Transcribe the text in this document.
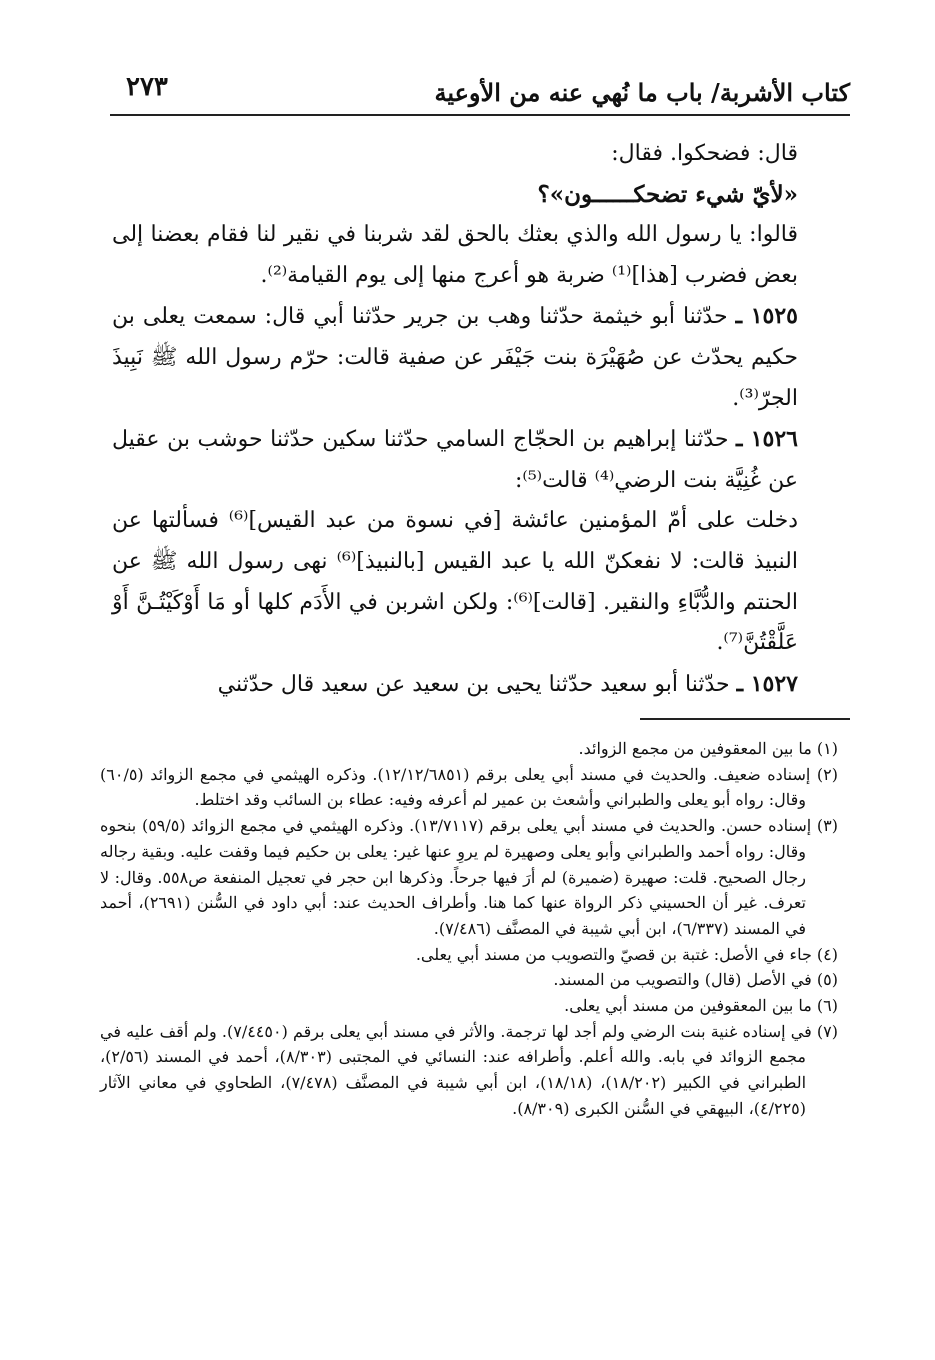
كتاب الأشربة/ باب ما نُهي عنه من الأوعية
٢٧٣

قال: فضحكوا. فقال:

«لأيّ شيء تضحكــــــون»؟

قالوا: يا رسول الله والذي بعثك بالحق لقد شربنا في نقير لنا فقام بعضنا إلى بعض فضرب [هذا]⁽¹⁾ ضربة هو أعرج منها إلى يوم القيامة⁽²⁾.

١٥٢٥ ـ حدّثنا أبو خيثمة حدّثنا وهب بن جرير حدّثنا أبي قال: سمعت يعلى بن حكيم يحدّث عن صُهَيْرَة بنت جَيْفَر عن صفية قالت: حرّم رسول الله ﷺ نَبِيذَ الجرّ⁽³⁾.

١٥٢٦ ـ حدّثنا إبراهيم بن الحجّاج السامي حدّثنا سكين حدّثنا حوشب بن عقيل عن غُنِيَّة بنت الرضي⁽⁴⁾ قالت⁽⁵⁾:

دخلت على أمّ المؤمنين عائشة [في نسوة من عبد القيس]⁽⁶⁾ فسألتها عن النبيذ قالت: لا نفعكنّ الله يا عبد القيس [بالنبيذ]⁽⁶⁾ نهى رسول الله ﷺ عن الحنتم والدُّبَّاءِ والنقير. [قالت]⁽⁶⁾: ولكن اشربن في الأَدَم كلها أو مَا أَوْكَيْتُـنَّ أَوْ عَلَّقْتُنَّ⁽⁷⁾.

١٥٢٧ ـ حدّثنا أبو سعيد حدّثنا يحيى بن سعيد عن سعيد قال حدّثني

(١) ما بين المعقوفين من مجمع الزوائد.

(٢) إسناده ضعيف. والحديث في مسند أبي يعلى برقم (١٢/١٢/٦٨٥١). وذكره الهيثمي في مجمع الزوائد (٦٠/٥) وقال: رواه أبو يعلى والطبراني وأشعث بن عمير لم أعرفه وفيه: عطاء بن السائب وقد اختلط.

(٣) إسناده حسن. والحديث في مسند أبي يعلى برقم (١٣/٧١١٧). وذكره الهيثمي في مجمع الزوائد (٥٩/٥) بنحوه وقال: رواه أحمد والطبراني وأبو يعلى وصهيرة لم يروِ عنها غير: يعلى بن حكيم فيما وقفت عليه. وبقية رجاله رجال الصحيح. قلت: صهيرة (ضميرة) لم أرَ فيها جرحاً. وذكرها ابن حجر في تعجيل المنفعة ص٥٥٨. وقال: لا تعرف. غير أن الحسيني ذكر الرواة عنها كما هنا. وأطراف الحديث عند: أبي داود في السُّنن (٢٦٩١)، أحمد في المسند (٦/٣٣٧)، ابن أبي شيبة في المصنَّف (٧/٤٨٦).

(٤) جاء في الأصل: غتبة بن قصيّ والتصويب من مسند أبي يعلى.

(٥) في الأصل (قال) والتصويب من المسند.

(٦) ما بين المعقوفين من مسند أبي يعلى.

(٧) في إسناده غنية بنت الرضي ولم أجد لها ترجمة. والأثر في مسند أبي يعلى برقم (٧/٤٤٥٠). ولم أقف عليه في مجمع الزوائد في بابه. والله أعلم. وأطرافه عند: النسائي في المجتبى (٨/٣٠٣)، أحمد في المسند (٢/٥٦)، الطبراني في الكبير (١٨/٢٠٢)، (١٨/١٨)، ابن أبي شيبة في المصنَّف (٧/٤٧٨)، الطحاوي في معاني الآثار (٤/٢٢٥)، البيهقي في السُّنن الكبرى (٨/٣٠٩).
